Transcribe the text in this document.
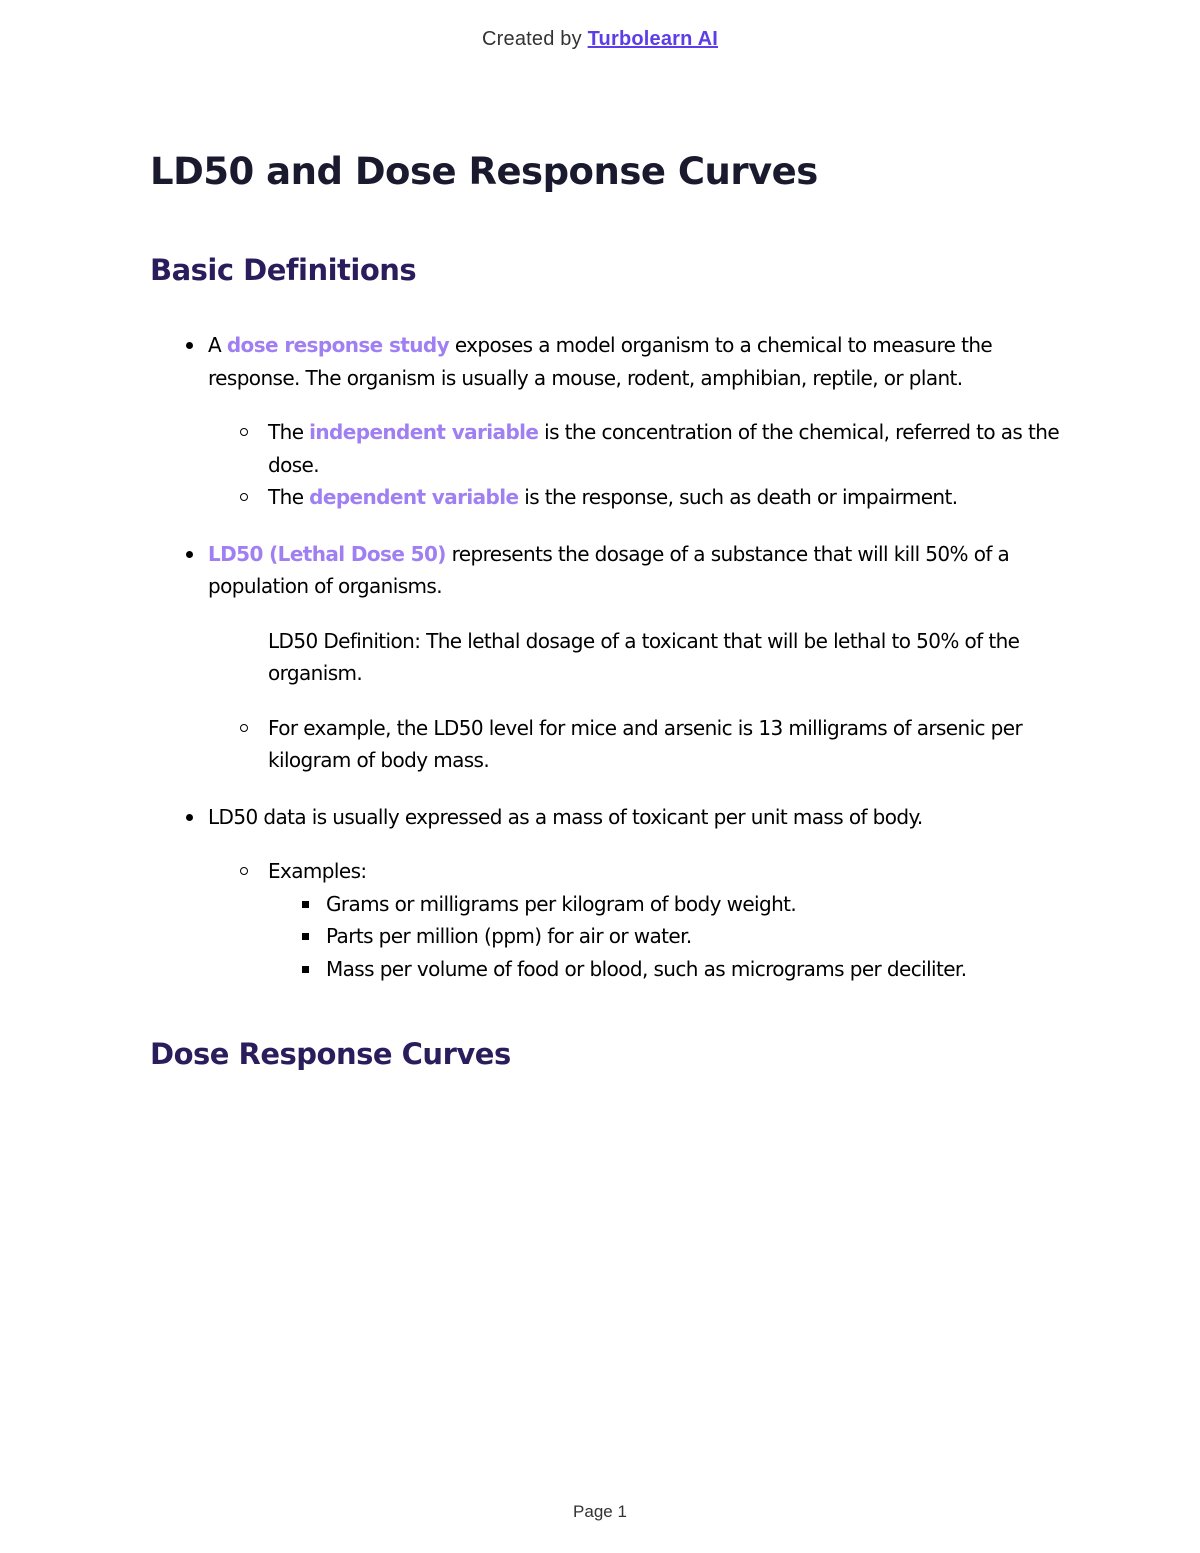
Created by Turbolearn AI
LD50 and Dose Response Curves
Basic Definitions
A dose response study exposes a model organism to a chemical to measure the response. The organism is usually a mouse, rodent, amphibian, reptile, or plant.
The independent variable is the concentration of the chemical, referred to as the dose.
The dependent variable is the response, such as death or impairment.
LD50 (Lethal Dose 50) represents the dosage of a substance that will kill 50% of a population of organisms.
LD50 Definition: The lethal dosage of a toxicant that will be lethal to 50% of the organism.
For example, the LD50 level for mice and arsenic is 13 milligrams of arsenic per kilogram of body mass.
LD50 data is usually expressed as a mass of toxicant per unit mass of body.
Examples:
Grams or milligrams per kilogram of body weight.
Parts per million (ppm) for air or water.
Mass per volume of food or blood, such as micrograms per deciliter.
Dose Response Curves
Page 1
